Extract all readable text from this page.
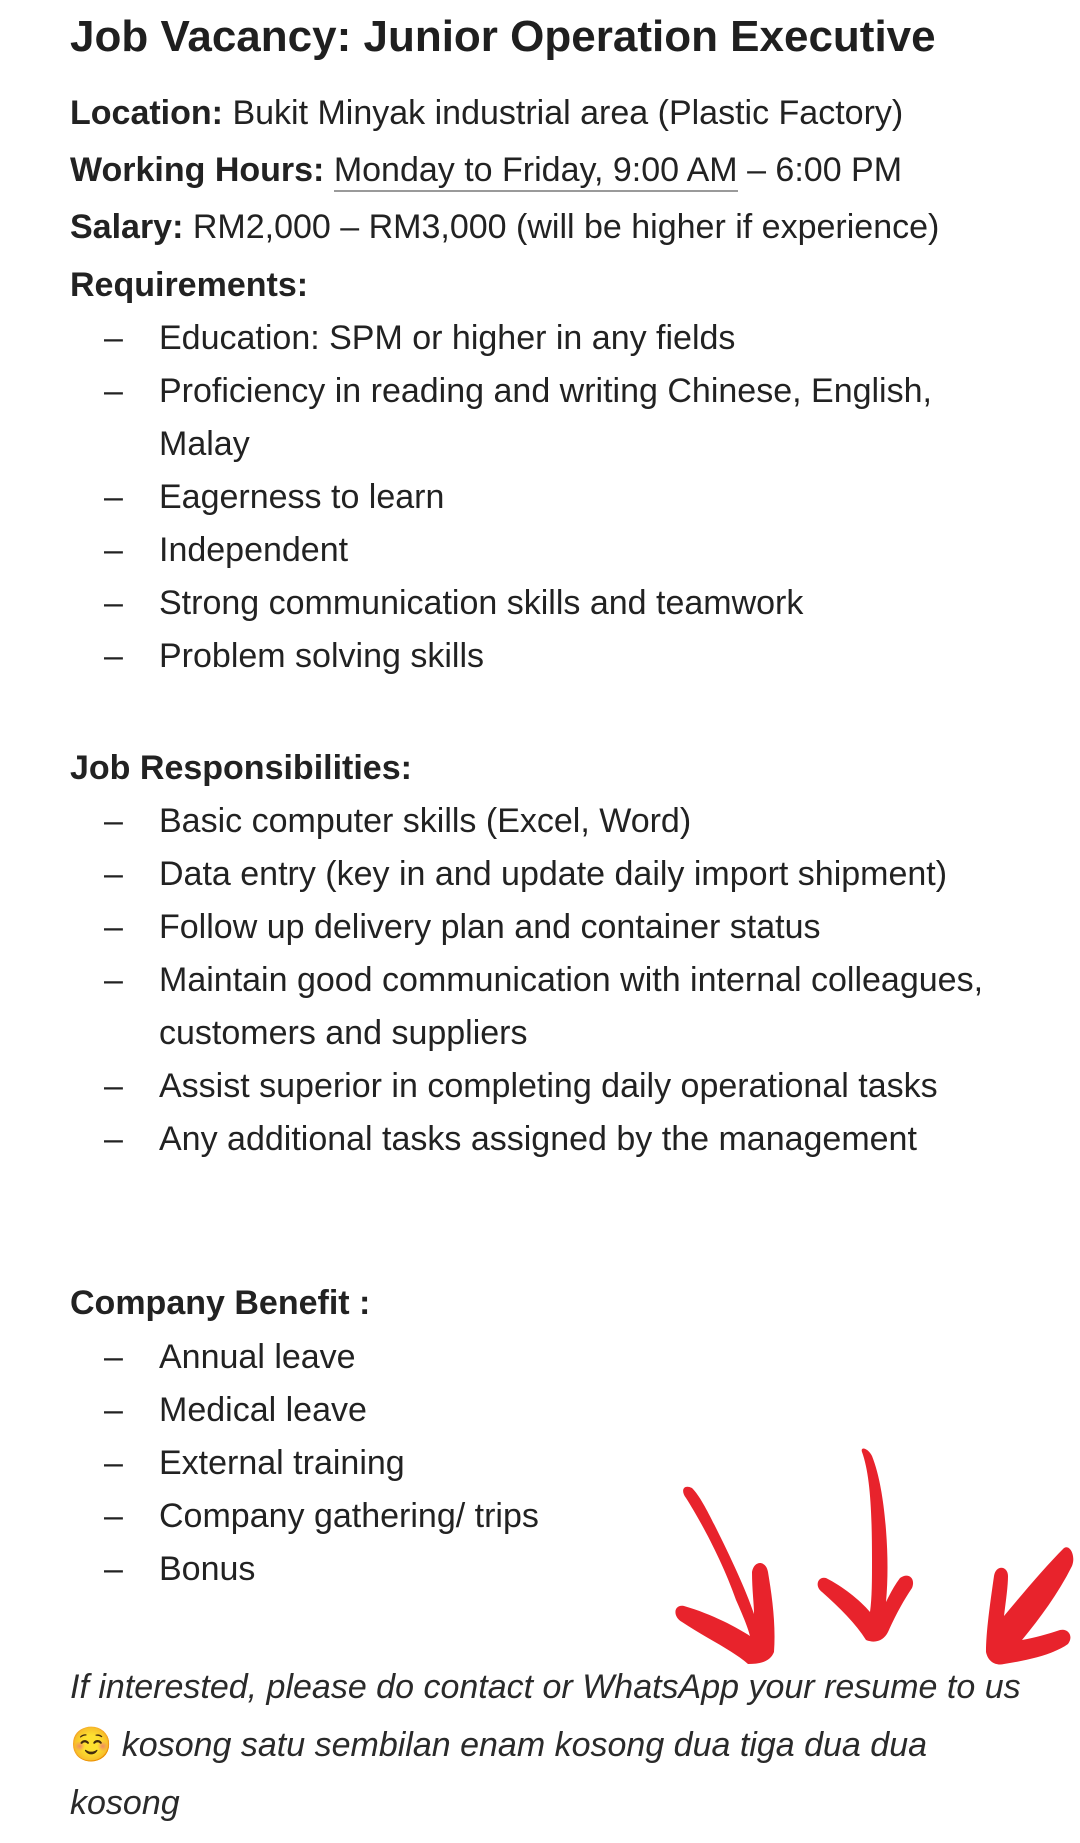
Job Vacancy: Junior Operation Executive
Location: Bukit Minyak industrial area (Plastic Factory)
Working Hours: Monday to Friday, 9:00 AM – 6:00 PM
Salary: RM2,000 – RM3,000 (will be higher if experience)
Requirements:
– Education: SPM or higher in any fields
– Proficiency in reading and writing Chinese, English, Malay
– Eagerness to learn
– Independent
– Strong communication skills and teamwork
– Problem solving skills
Job Responsibilities:
– Basic computer skills (Excel, Word)
– Data entry (key in and update daily import shipment)
– Follow up delivery plan and container status
– Maintain good communication with internal colleagues, customers and suppliers
– Assist superior in completing daily operational tasks
– Any additional tasks assigned by the management
Company Benefit :
– Annual leave
– Medical leave
– External training
– Company gathering/ trips
– Bonus
If interested, please do contact or WhatsApp your resume to us☺️ kosong satu sembilan enam kosong dua tiga dua dua kosong
